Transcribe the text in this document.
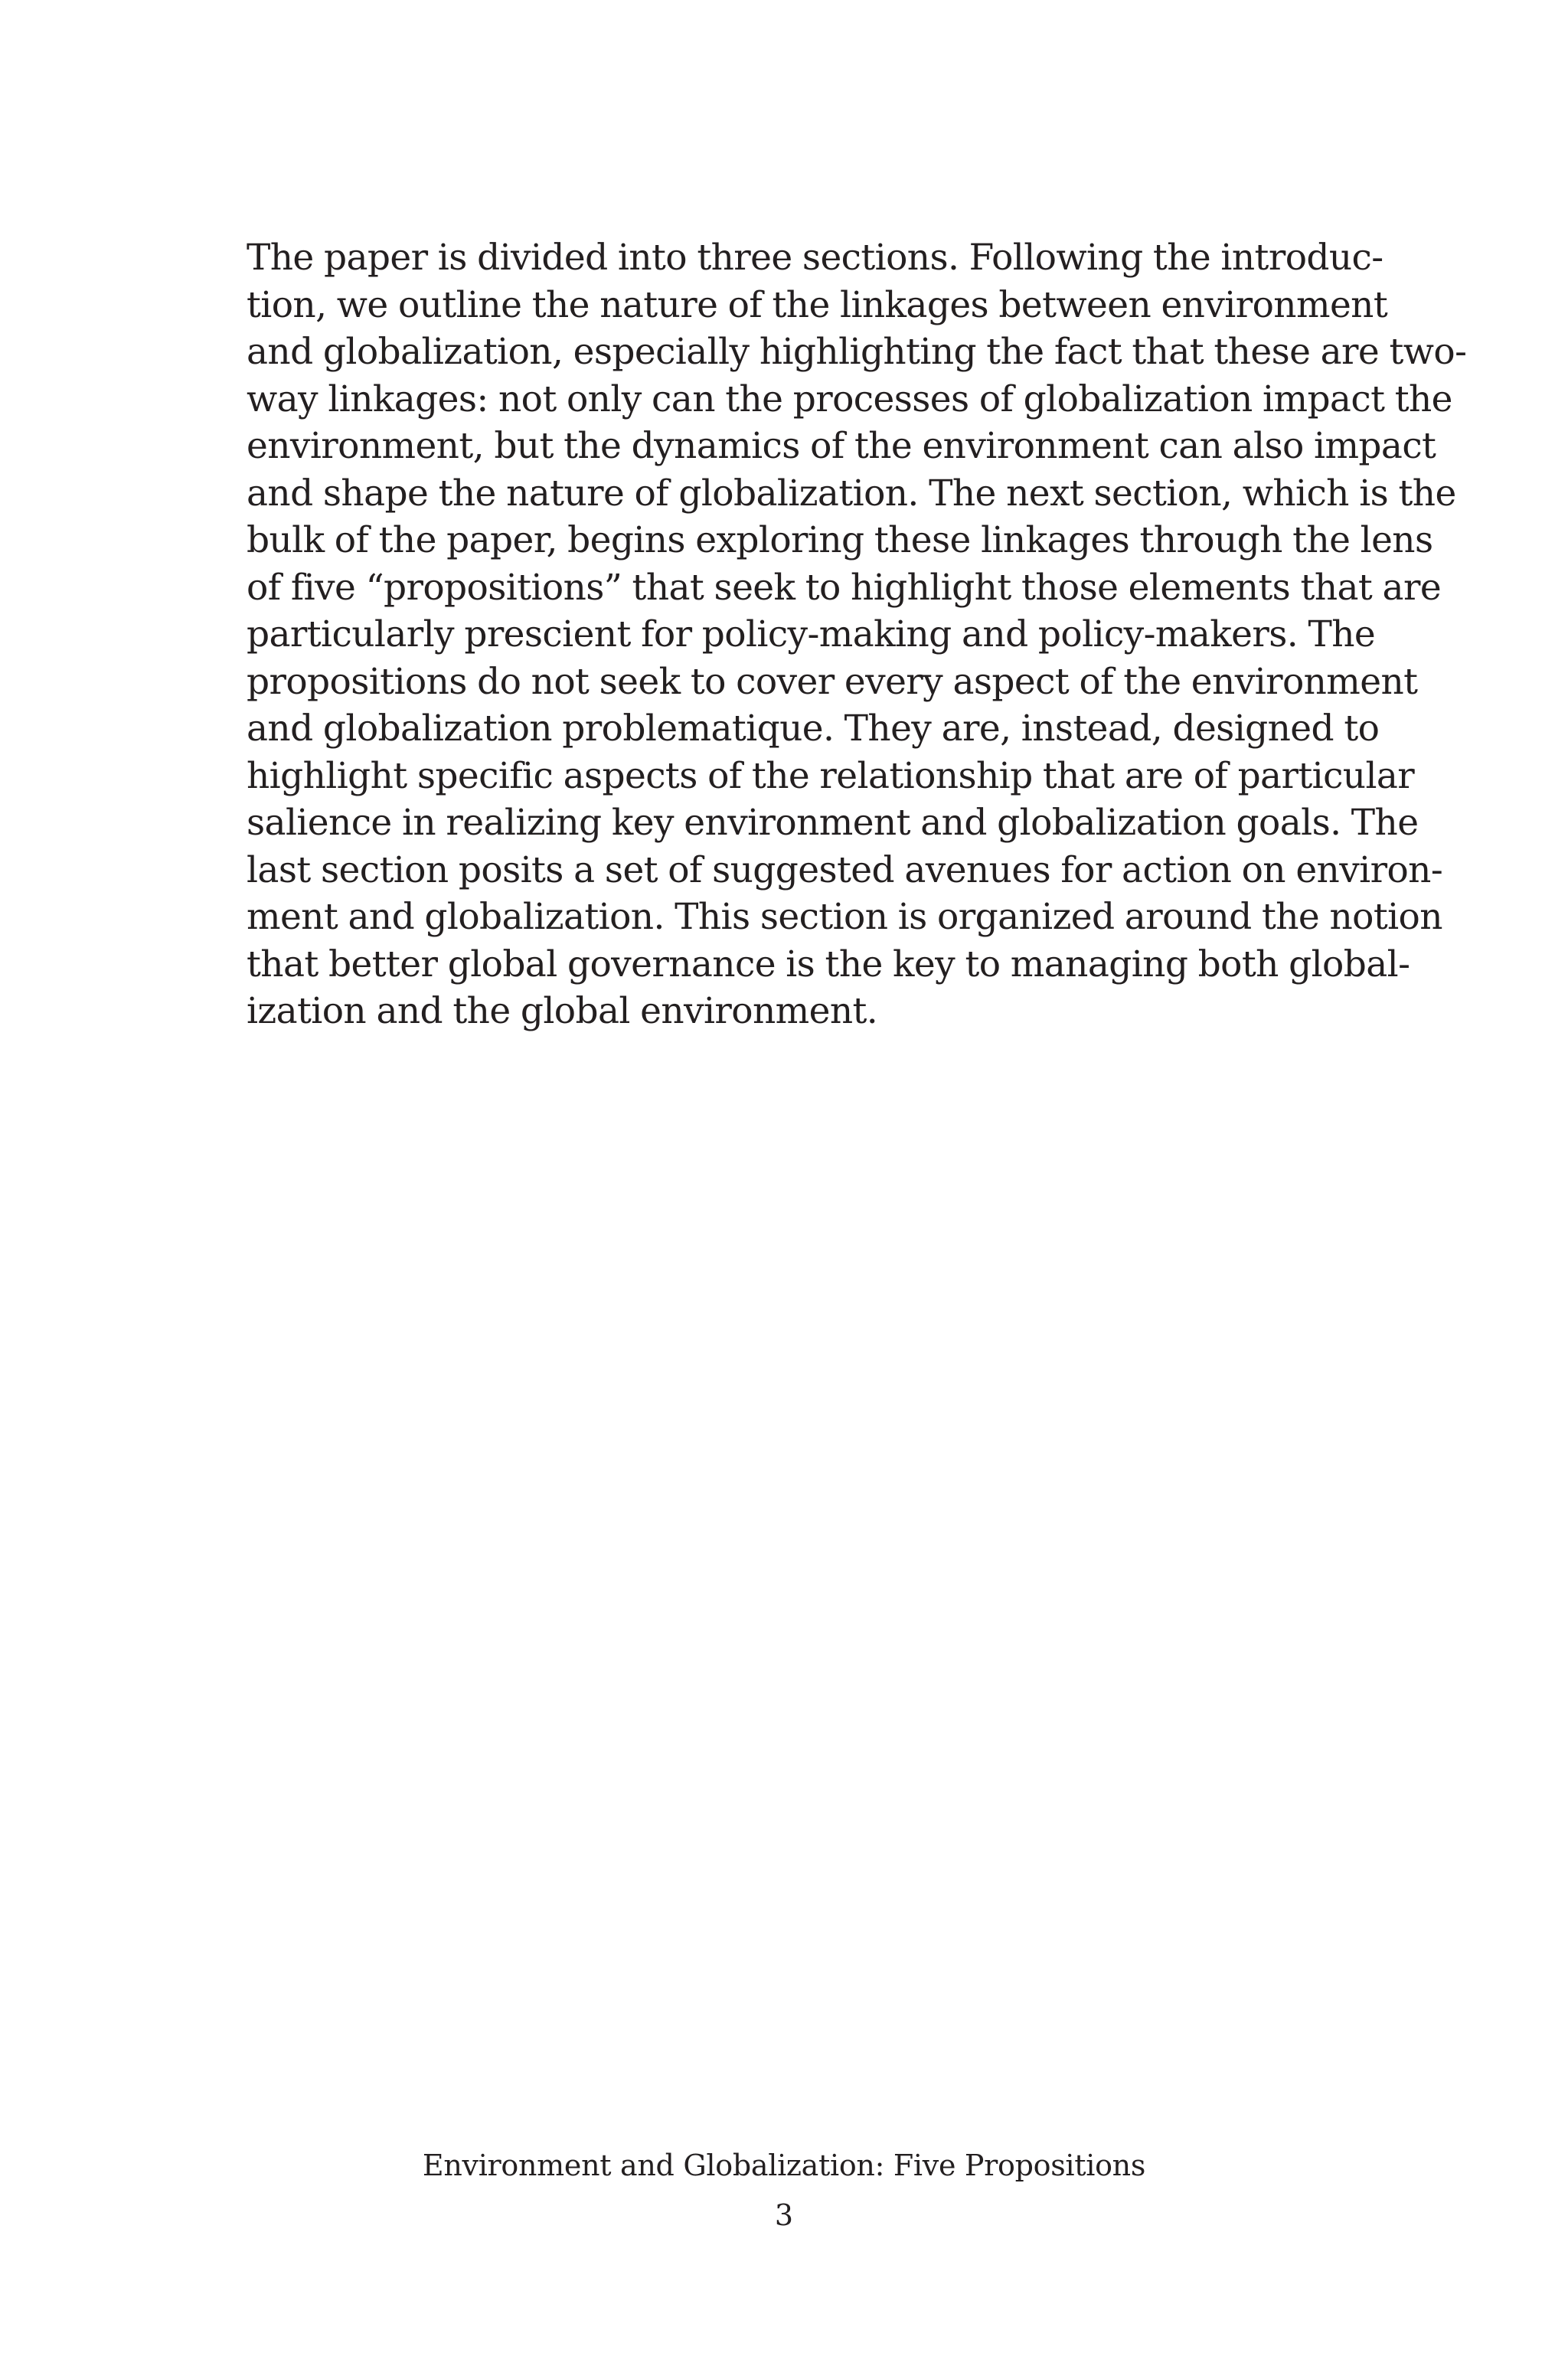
The paper is divided into three sections. Following the introduc-
tion, we outline the nature of the linkages between environment
and globalization, especially highlighting the fact that these are two-
way linkages: not only can the processes of globalization impact the
environment, but the dynamics of the environment can also impact
and shape the nature of globalization. The next section, which is the
bulk of the paper, begins exploring these linkages through the lens
of five “propositions” that seek to highlight those elements that are
particularly prescient for policy-making and policy-makers. The
propositions do not seek to cover every aspect of the environment
and globalization problematique. They are, instead, designed to
highlight specific aspects of the relationship that are of particular
salience in realizing key environment and globalization goals. The
last section posits a set of suggested avenues for action on environ-
ment and globalization. This section is organized around the notion
that better global governance is the key to managing both global-
ization and the global environment.
Environment and Globalization: Five Propositions
3
